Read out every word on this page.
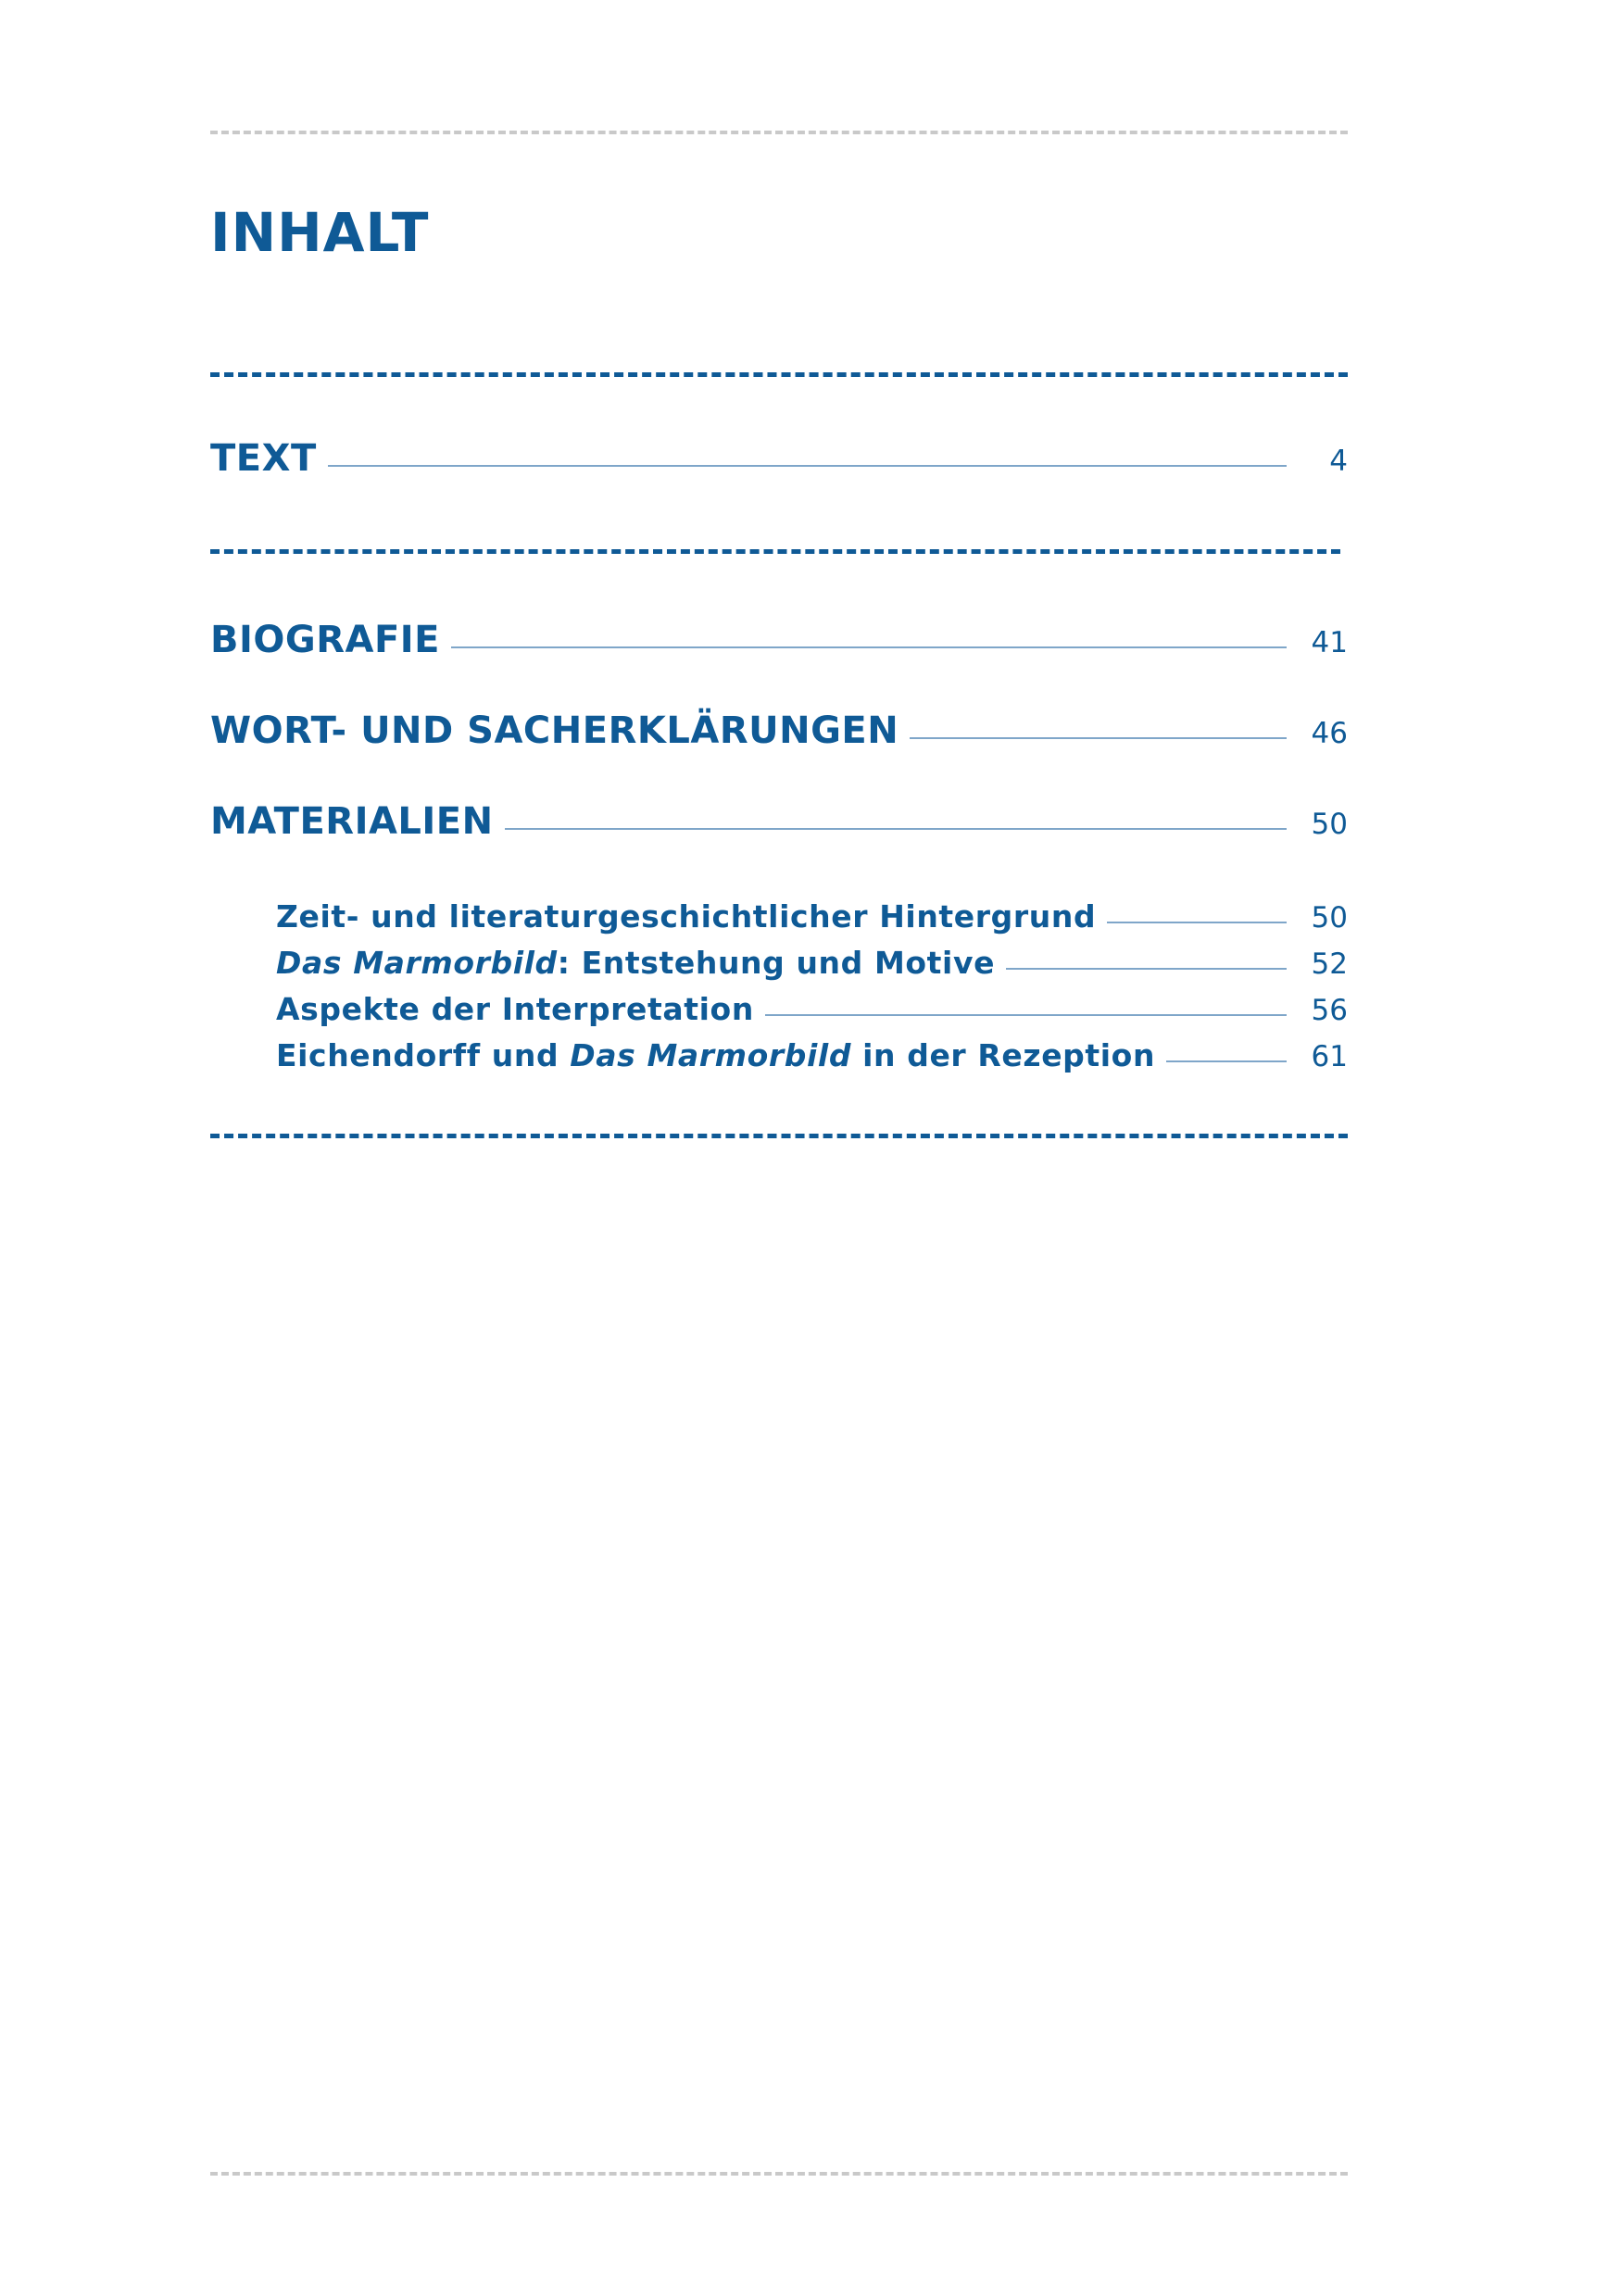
INHALT
TEXT	4
BIOGRAFIE	41
WORT- UND SACHERKLÄRUNGEN	46
MATERIALIEN	50
Zeit- und literaturgeschichtlicher Hintergrund	50
Das Marmorbild: Entstehung und Motive	52
Aspekte der Interpretation	56
Eichendorff und Das Marmorbild in der Rezeption	61
